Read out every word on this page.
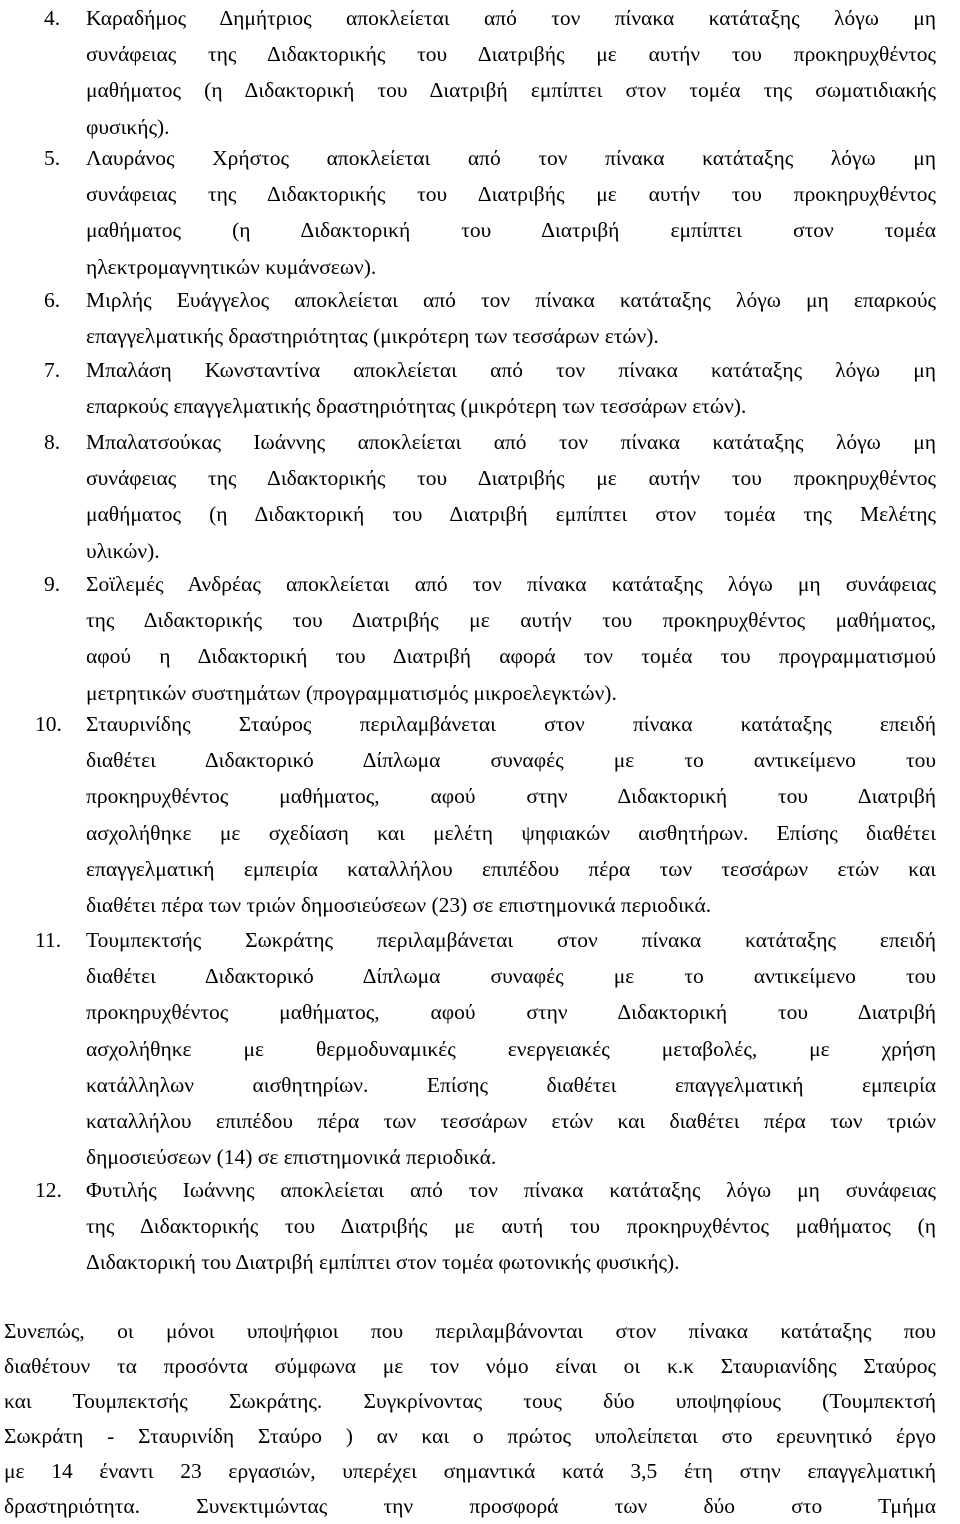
4.	Καραδήμος Δημήτριος αποκλείεται από τον πίνακα κατάταξης λόγω μη
συνάφειας της Διδακτορικής του Διατριβής με αυτήν του προκηρυχθέντος
μαθήματος (η Διδακτορική του Διατριβή εμπίπτει στον τομέα της σωματιδιακής
φυσικής).
5.	Λαυράνος Χρήστος αποκλείεται από τον πίνακα κατάταξης λόγω μη
συνάφειας της Διδακτορικής του Διατριβής με αυτήν του προκηρυχθέντος
μαθήματος (η Διδακτορική του Διατριβή εμπίπτει στον τομέα
ηλεκτρομαγνητικών κυμάνσεων).
6.	Μιρλής Ευάγγελος αποκλείεται από τον πίνακα κατάταξης λόγω μη επαρκούς
επαγγελματικής δραστηριότητας (μικρότερη των τεσσάρων ετών).
7.	Μπαλάση Κωνσταντίνα αποκλείεται από τον πίνακα κατάταξης λόγω μη
επαρκούς επαγγελματικής δραστηριότητας (μικρότερη των τεσσάρων ετών).
8.	Μπαλατσούκας Ιωάννης αποκλείεται από τον πίνακα κατάταξης λόγω μη
συνάφειας της Διδακτορικής του Διατριβής με αυτήν του προκηρυχθέντος
μαθήματος (η Διδακτορική του Διατριβή εμπίπτει στον τομέα της Μελέτης
υλικών).
9.	Σοϊλεμές Ανδρέας αποκλείεται από τον πίνακα κατάταξης λόγω μη συνάφειας
της Διδακτορικής του Διατριβής με αυτήν του προκηρυχθέντος μαθήματος,
αφού η Διδακτορική του Διατριβή αφορά τον τομέα του προγραμματισμού
μετρητικών συστημάτων (προγραμματισμός μικροελεγκτών).
10.	Σταυρινίδης Σταύρος περιλαμβάνεται στον πίνακα κατάταξης επειδή
διαθέτει Διδακτορικό Δίπλωμα συναφές με το αντικείμενο του
προκηρυχθέντος μαθήματος, αφού στην Διδακτορική του Διατριβή
ασχολήθηκε με σχεδίαση και μελέτη ψηφιακών αισθητήρων. Επίσης διαθέτει
επαγγελματική εμπειρία καταλλήλου επιπέδου πέρα των τεσσάρων ετών και
διαθέτει πέρα των τριών δημοσιεύσεων (23) σε επιστημονικά περιοδικά.
11.	Τουμπεκτσής Σωκράτης περιλαμβάνεται στον πίνακα κατάταξης επειδή
διαθέτει Διδακτορικό Δίπλωμα συναφές με το αντικείμενο του
προκηρυχθέντος μαθήματος, αφού στην Διδακτορική του Διατριβή
ασχολήθηκε με θερμοδυναμικές ενεργειακές μεταβολές, με χρήση
κατάλληλων αισθητηρίων. Επίσης διαθέτει επαγγελματική εμπειρία
καταλλήλου επιπέδου πέρα των τεσσάρων ετών και διαθέτει πέρα των τριών
δημοσιεύσεων (14) σε επιστημονικά περιοδικά.
12.	Φυτιλής Ιωάννης αποκλείεται από τον πίνακα κατάταξης λόγω μη συνάφειας
της Διδακτορικής του Διατριβής με αυτή του προκηρυχθέντος μαθήματος (η
Διδακτορική του Διατριβή εμπίπτει στον τομέα φωτονικής φυσικής).
Συνεπώς, οι μόνοι υποψήφιοι που περιλαμβάνονται στον πίνακα κατάταξης που
διαθέτουν τα προσόντα σύμφωνα με τον νόμο είναι οι κ.κ Σταυριανίδης Σταύρος
και Τουμπεκτσής Σωκράτης. Συγκρίνοντας τους δύο υποψηφίους (Τουμπεκτσή
Σωκράτη - Σταυρινίδη Σταύρο ) αν και ο πρώτος υπολείπεται στο ερευνητικό έργο
με 14 έναντι 23 εργασιών, υπερέχει σημαντικά κατά 3,5 έτη στην επαγγελματική
δραστηριότητα. Συνεκτιμώντας την προσφορά των δύο στο Τμήμα
